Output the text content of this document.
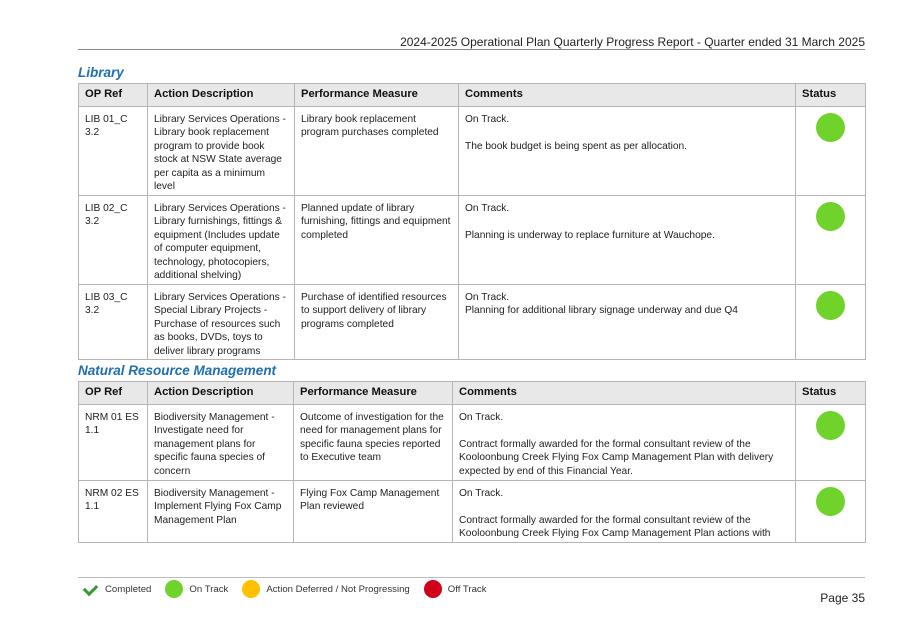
2024-2025 Operational Plan Quarterly Progress Report - Quarter ended 31 March 2025
Library
OP Ref	Action Description	Performance Measure	Comments	Status
LIB 01_C 3.2	Library Services Operations - Library book replacement program to provide book stock at NSW State average per capita as a minimum level	Library book replacement program purchases completed	On Track.
The book budget is being spent as per allocation.	

LIB 02_C 3.2	Library Services Operations - Library furnishings, fittings & equipment (Includes update of computer equipment, technology, photocopiers, additional shelving)	Planned update of library furnishing, fittings and equipment completed	On Track.
Planning is underway to replace furniture at Wauchope.	

LIB 03_C 3.2	Library Services Operations - Special Library Projects - Purchase of resources such as books, DVDs, toys to deliver library programs	Purchase of identified resources to support delivery of library programs completed	On Track.
Planning for additional library signage underway and due Q4	

Natural Resource Management
OP Ref	Action Description	Performance Measure	Comments	Status
NRM 01 ES 1.1	Biodiversity Management - Investigate need for management plans for specific fauna species of concern	Outcome of investigation for the need for management plans for specific fauna species reported to Executive team	On Track.
Contract formally awarded for the formal consultant review of the Kooloonbung Creek Flying Fox Camp Management Plan with delivery expected by end of this Financial Year.	

NRM 02 ES 1.1	Biodiversity Management - Implement Flying Fox Camp Management Plan	Flying Fox Camp Management Plan reviewed	On Track.
Contract formally awarded for the formal consultant review of the Kooloonbung Creek Flying Fox Camp Management Plan actions with	

Completed	On Track	Action Deferred / Not Progressing	Off Track
Page 35
